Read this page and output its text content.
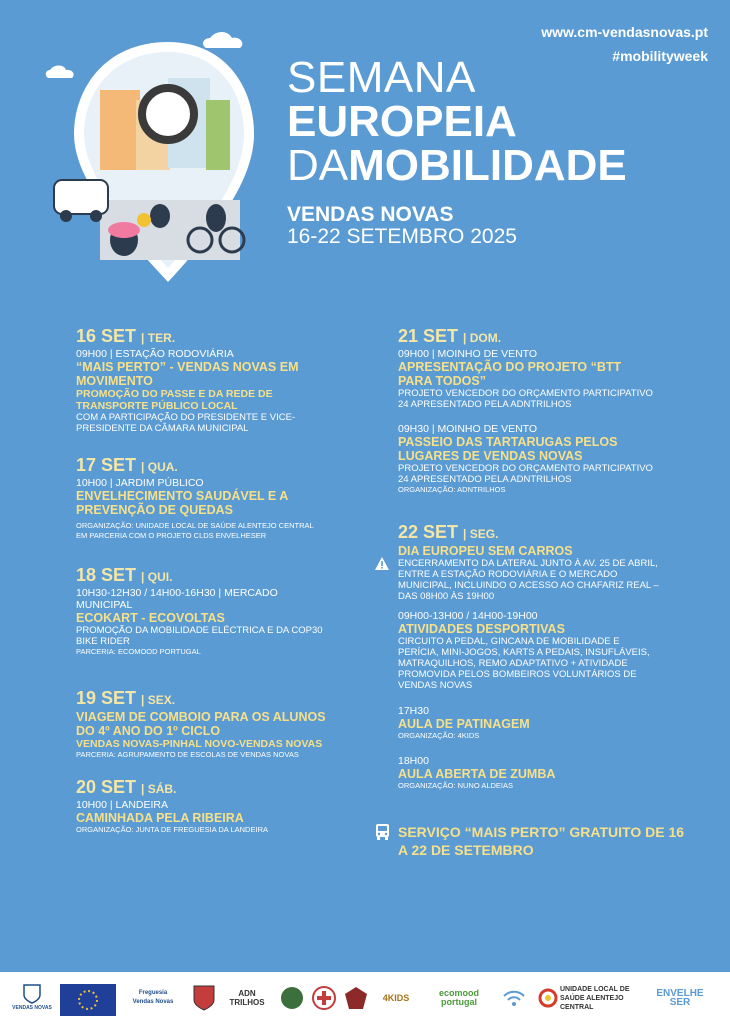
www.cm-vendasnovas.pt
#mobilityweek
SEMANA
EUROPEIA
DAMOBILIDADE
VENDAS NOVAS
16-22 SETEMBRO 2025
16 SET | TER.
09H00 | ESTAÇÃO RODOVIÁRIA
“MAIS PERTO” - VENDAS NOVAS EM MOVIMENTO
PROMOÇÃO DO PASSE E DA REDE DE TRANSPORTE PÚBLICO LOCAL
COM A PARTICIPAÇÃO DO PRESIDENTE E VICE-PRESIDENTE DA CÂMARA MUNICIPAL
17 SET | QUA.
10H00 | JARDIM PÚBLICO
ENVELHECIMENTO SAUDÁVEL E A PREVENÇÃO DE QUEDAS
ORGANIZAÇÃO: UNIDADE LOCAL DE SAÚDE ALENTEJO CENTRAL EM PARCERIA COM O PROJETO CLDS ENVELHESER
18 SET | QUI.
10H30-12H30 / 14H00-16H30 | MERCADO MUNICIPAL
ECOKART - ECOVOLTAS
PROMOÇÃO DA MOBILIDADE ELÉCTRICA E DA COP30 BIKE RIDER
PARCERIA: ECOMOOD PORTUGAL
19 SET | SEX.
VIAGEM DE COMBOIO PARA OS ALUNOS DO 4º ANO DO 1º CICLO
VENDAS NOVAS-PINHAL NOVO-VENDAS NOVAS
PARCERIA: AGRUPAMENTO DE ESCOLAS DE VENDAS NOVAS
20 SET | SÁB.
10H00 | LANDEIRA
CAMINHADA PELA RIBEIRA
ORGANIZAÇÃO: JUNTA DE FREGUESIA DA LANDEIRA
21 SET | DOM.
09H00 | MOINHO DE VENTO
APRESENTAÇÃO DO PROJETO “BTT PARA TODOS”
PROJETO VENCEDOR DO ORÇAMENTO PARTICIPATIVO 24 APRESENTADO PELA ADNTRILHOS
09H30 | MOINHO DE VENTO
PASSEIO DAS TARTARUGAS PELOS LUGARES DE VENDAS NOVAS
PROJETO VENCEDOR DO ORÇAMENTO PARTICIPATIVO 24 APRESENTADO PELA ADNTRILHOS
ORGANIZAÇÃO: ADNTRILHOS
22 SET | SEG.
DIA EUROPEU SEM CARROS
ENCERRAMENTO DA LATERAL JUNTO À AV. 25 DE ABRIL, ENTRE A ESTAÇÃO RODOVIÁRIA E O MERCADO MUNICIPAL, INCLUINDO O ACESSO AO CHAFARIZ REAL – DAS 08H00 ÀS 19H00
09H00-13H00 / 14H00-19H00
ATIVIDADES DESPORTIVAS
CIRCUITO A PEDAL, GINCANA DE MOBILIDADE E PERÍCIA, MINI-JOGOS, KARTS A PEDAIS, INSUFLÁVEIS, MATRAQUILHOS, REMO ADAPTATIVO + ATIVIDADE PROMOVIDA PELOS BOMBEIROS VOLUNTÁRIOS DE VENDAS NOVAS
17H30
AULA DE PATINAGEM
ORGANIZAÇÃO: 4KIDS
18H00
AULA ABERTA DE ZUMBA
ORGANIZAÇÃO: NUNO ALDEIAS
SERVIÇO “MAIS PERTO” GRATUITO DE 16 A 22 DE SETEMBRO
VENDAS NOVAS
Freguesia Vendas Novas
ADN TRILHOS	4KIDS	ecomood portugal
UNIDADE LOCAL DE SAÚDE ALENTEJO CENTRAL
ENVELHE SER
